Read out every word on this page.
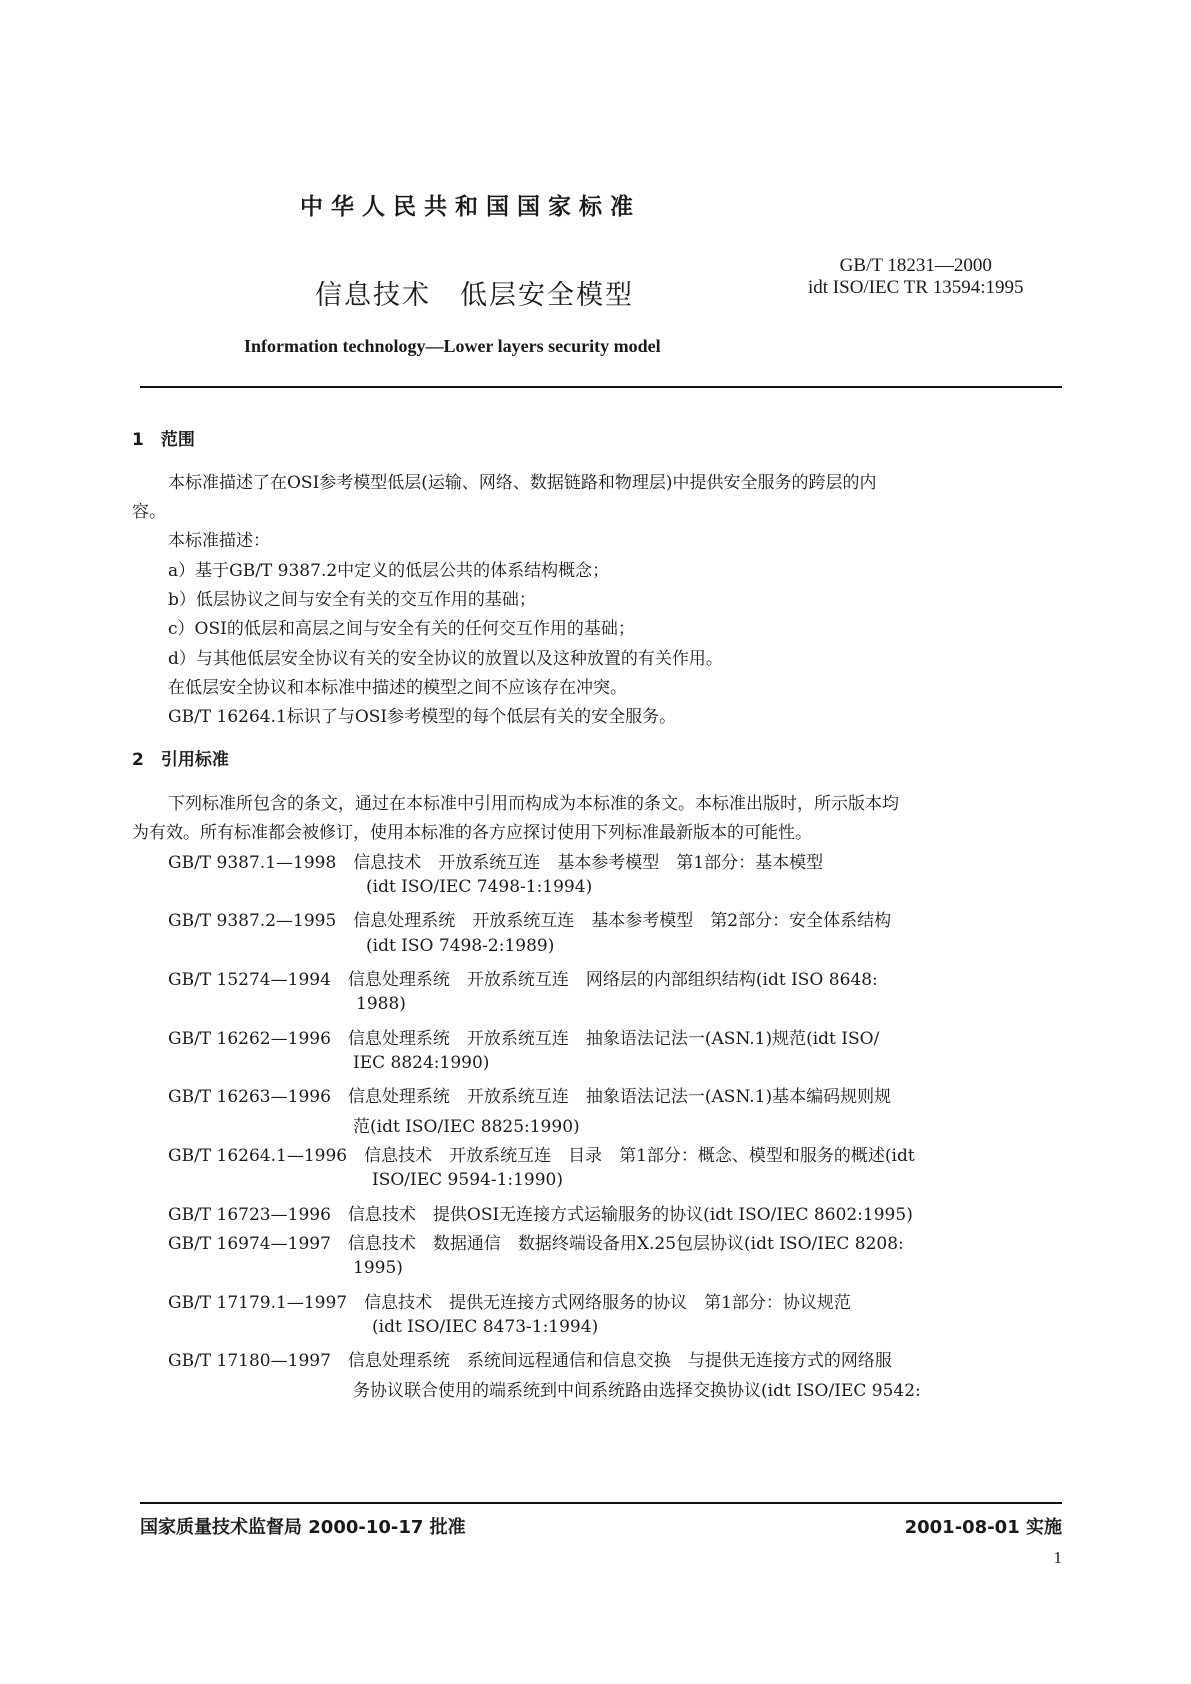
中华人民共和国国家标准
信息技术　低层安全模型
GB/T 18231—2000
idt ISO/IEC TR 13594:1995
Information technology—Lower layers security model
1　范围
本标准描述了在OSI参考模型低层(运输、网络、数据链路和物理层)中提供安全服务的跨层的内
容。
本标准描述：
a）基于GB/T 9387.2中定义的低层公共的体系结构概念；
b）低层协议之间与安全有关的交互作用的基础；
c）OSI的低层和高层之间与安全有关的任何交互作用的基础；
d）与其他低层安全协议有关的安全协议的放置以及这种放置的有关作用。
在低层安全协议和本标准中描述的模型之间不应该存在冲突。
GB/T 16264.1标识了与OSI参考模型的每个低层有关的安全服务。
2　引用标准
下列标准所包含的条文，通过在本标准中引用而构成为本标准的条文。本标准出版时，所示版本均
为有效。所有标准都会被修订，使用本标准的各方应探讨使用下列标准最新版本的可能性。
GB/T 9387.1—1998　信息技术　开放系统互连　基本参考模型　第1部分：基本模型
(idt ISO/IEC 7498-1:1994)
GB/T 9387.2—1995　信息处理系统　开放系统互连　基本参考模型　第2部分：安全体系结构
(idt ISO 7498-2:1989)
GB/T 15274—1994　信息处理系统　开放系统互连　网络层的内部组织结构(idt ISO 8648:
1988)
GB/T 16262—1996　信息处理系统　开放系统互连　抽象语法记法一(ASN.1)规范(idt ISO/
IEC 8824:1990)
GB/T 16263—1996　信息处理系统　开放系统互连　抽象语法记法一(ASN.1)基本编码规则规
范(idt ISO/IEC 8825:1990)
GB/T 16264.1—1996　信息技术　开放系统互连　目录　第1部分：概念、模型和服务的概述(idt
ISO/IEC 9594-1:1990)
GB/T 16723—1996　信息技术　提供OSI无连接方式运输服务的协议(idt ISO/IEC 8602:1995)
GB/T 16974—1997　信息技术　数据通信　数据终端设备用X.25包层协议(idt ISO/IEC 8208:
1995)
GB/T 17179.1—1997　信息技术　提供无连接方式网络服务的协议　第1部分：协议规范
(idt ISO/IEC 8473-1:1994)
GB/T 17180—1997　信息处理系统　系统间远程通信和信息交换　与提供无连接方式的网络服
务协议联合使用的端系统到中间系统路由选择交换协议(idt ISO/IEC 9542:
国家质量技术监督局 2000-10-17 批准	2001-08-01 实施
1
